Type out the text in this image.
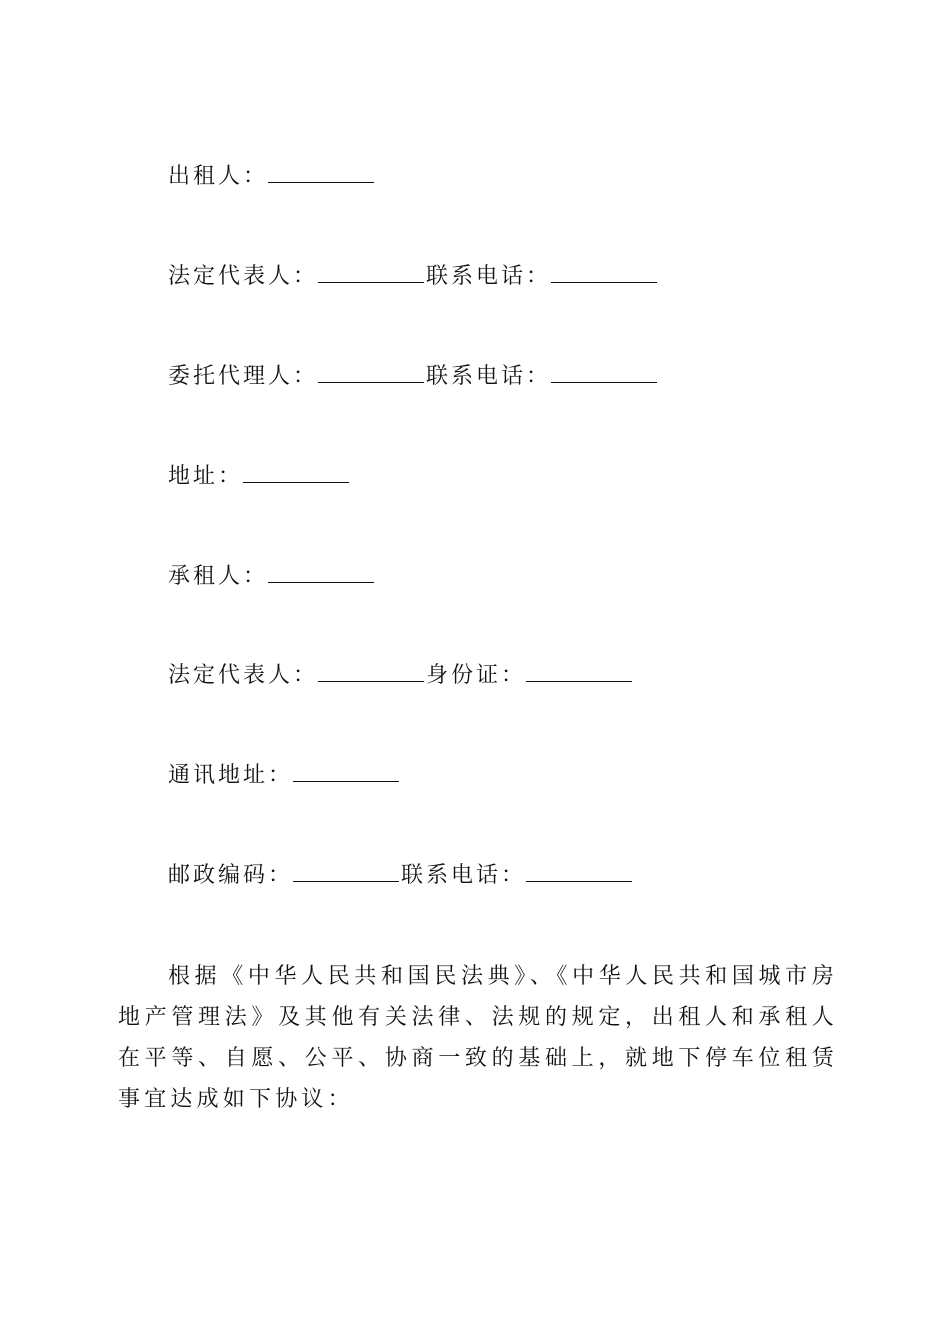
出租人：
法定代表人：	联系电话：
委托代理人：	联系电话：
地址：
承租人：
法定代表人：	身份证：
通讯地址：
邮政编码：	联系电话：

根据《中华人民共和国民法典》、《中华人民共和国城市房地产管理法》及其他有关法律、法规的规定，出租人和承租人在平等、自愿、公平、协商一致的基础上，就地下停车位租赁事宜达成如下协议：
